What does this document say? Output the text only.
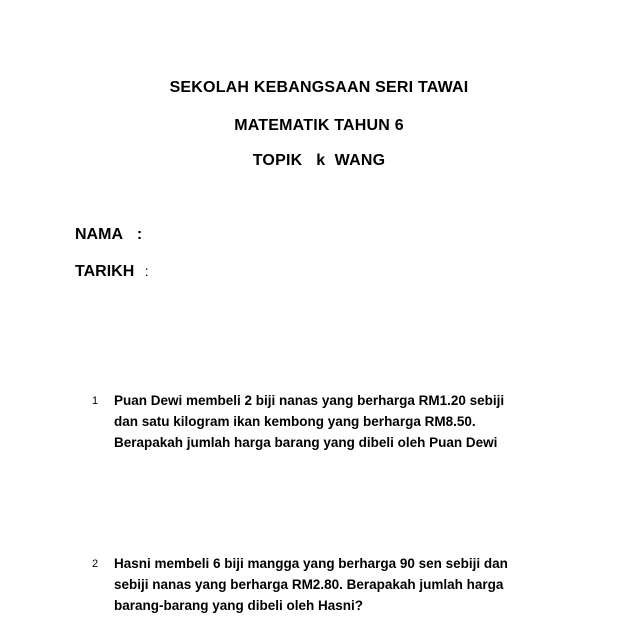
SEKOLAH KEBANGSAAN SERI TAWAI
MATEMATIK TAHUN 6
TOPIK   k  WANG
NAMA :
TARIKH :
1 Puan Dewi membeli 2 biji nanas yang berharga RM1.20 sebiji
dan satu kilogram ikan kembong yang berharga RM8.50.
Berapakah jumlah harga barang yang dibeli oleh Puan Dewi
2 Hasni membeli 6 biji mangga yang berharga 90 sen sebiji dan
sebiji nanas yang berharga RM2.80. Berapakah jumlah harga
barang-barang yang dibeli oleh Hasni?
